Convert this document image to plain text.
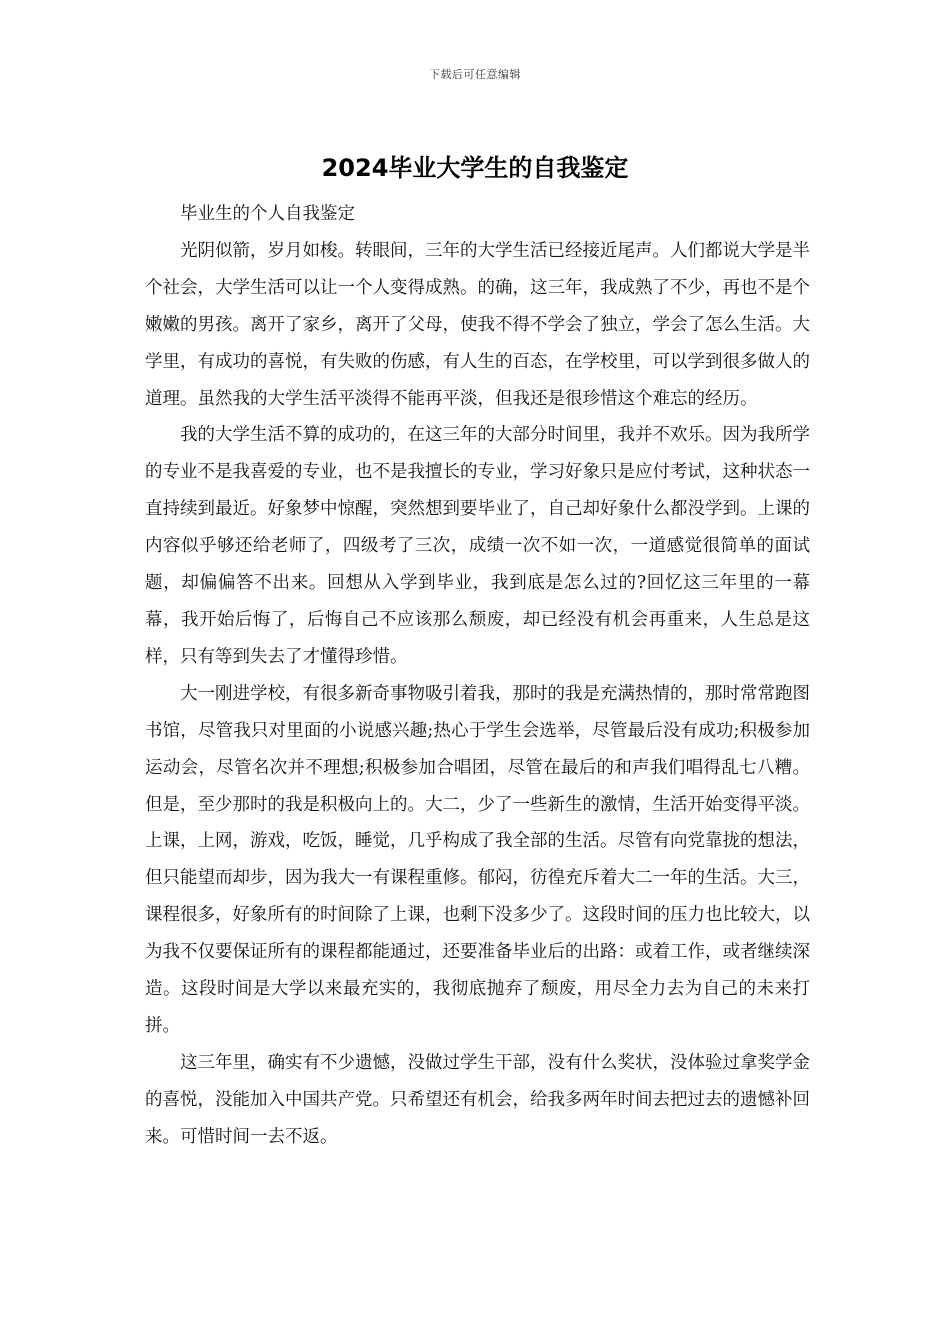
下载后可任意编辑
2024毕业大学生的自我鉴定

毕业生的个人自我鉴定

光阴似箭，岁月如梭。转眼间，三年的大学生活已经接近尾声。人们都说大学是半个社会，大学生活可以让一个人变得成熟。的确，这三年，我成熟了不少，再也不是个嫩嫩的男孩。离开了家乡，离开了父母，使我不得不学会了独立，学会了怎么生活。大学里，有成功的喜悦，有失败的伤感，有人生的百态，在学校里，可以学到很多做人的道理。虽然我的大学生活平淡得不能再平淡，但我还是很珍惜这个难忘的经历。

我的大学生活不算的成功的，在这三年的大部分时间里，我并不欢乐。因为我所学的专业不是我喜爱的专业，也不是我擅长的专业，学习好象只是应付考试，这种状态一直持续到最近。好象梦中惊醒，突然想到要毕业了，自己却好象什么都没学到。上课的内容似乎够还给老师了，四级考了三次，成绩一次不如一次，一道感觉很简单的面试题，却偏偏答不出来。回想从入学到毕业，我到底是怎么过的?回忆这三年里的一幕幕，我开始后悔了，后悔自己不应该那么颓废，却已经没有机会再重来，人生总是这样，只有等到失去了才懂得珍惜。

大一刚进学校，有很多新奇事物吸引着我，那时的我是充满热情的，那时常常跑图书馆，尽管我只对里面的小说感兴趣;热心于学生会选举，尽管最后没有成功;积极参加运动会，尽管名次并不理想;积极参加合唱团，尽管在最后的和声我们唱得乱七八糟。但是，至少那时的我是积极向上的。大二，少了一些新生的激情，生活开始变得平淡。上课，上网，游戏，吃饭，睡觉，几乎构成了我全部的生活。尽管有向党靠拢的想法，但只能望而却步，因为我大一有课程重修。郁闷，彷徨充斥着大二一年的生活。大三，课程很多，好象所有的时间除了上课，也剩下没多少了。这段时间的压力也比较大，以为我不仅要保证所有的课程都能通过，还要准备毕业后的出路：或着工作，或者继续深造。这段时间是大学以来最充实的，我彻底抛弃了颓废，用尽全力去为自己的未来打拼。

这三年里，确实有不少遗憾，没做过学生干部，没有什么奖状，没体验过拿奖学金的喜悦，没能加入中国共产党。只希望还有机会，给我多两年时间去把过去的遗憾补回来。可惜时间一去不返。
